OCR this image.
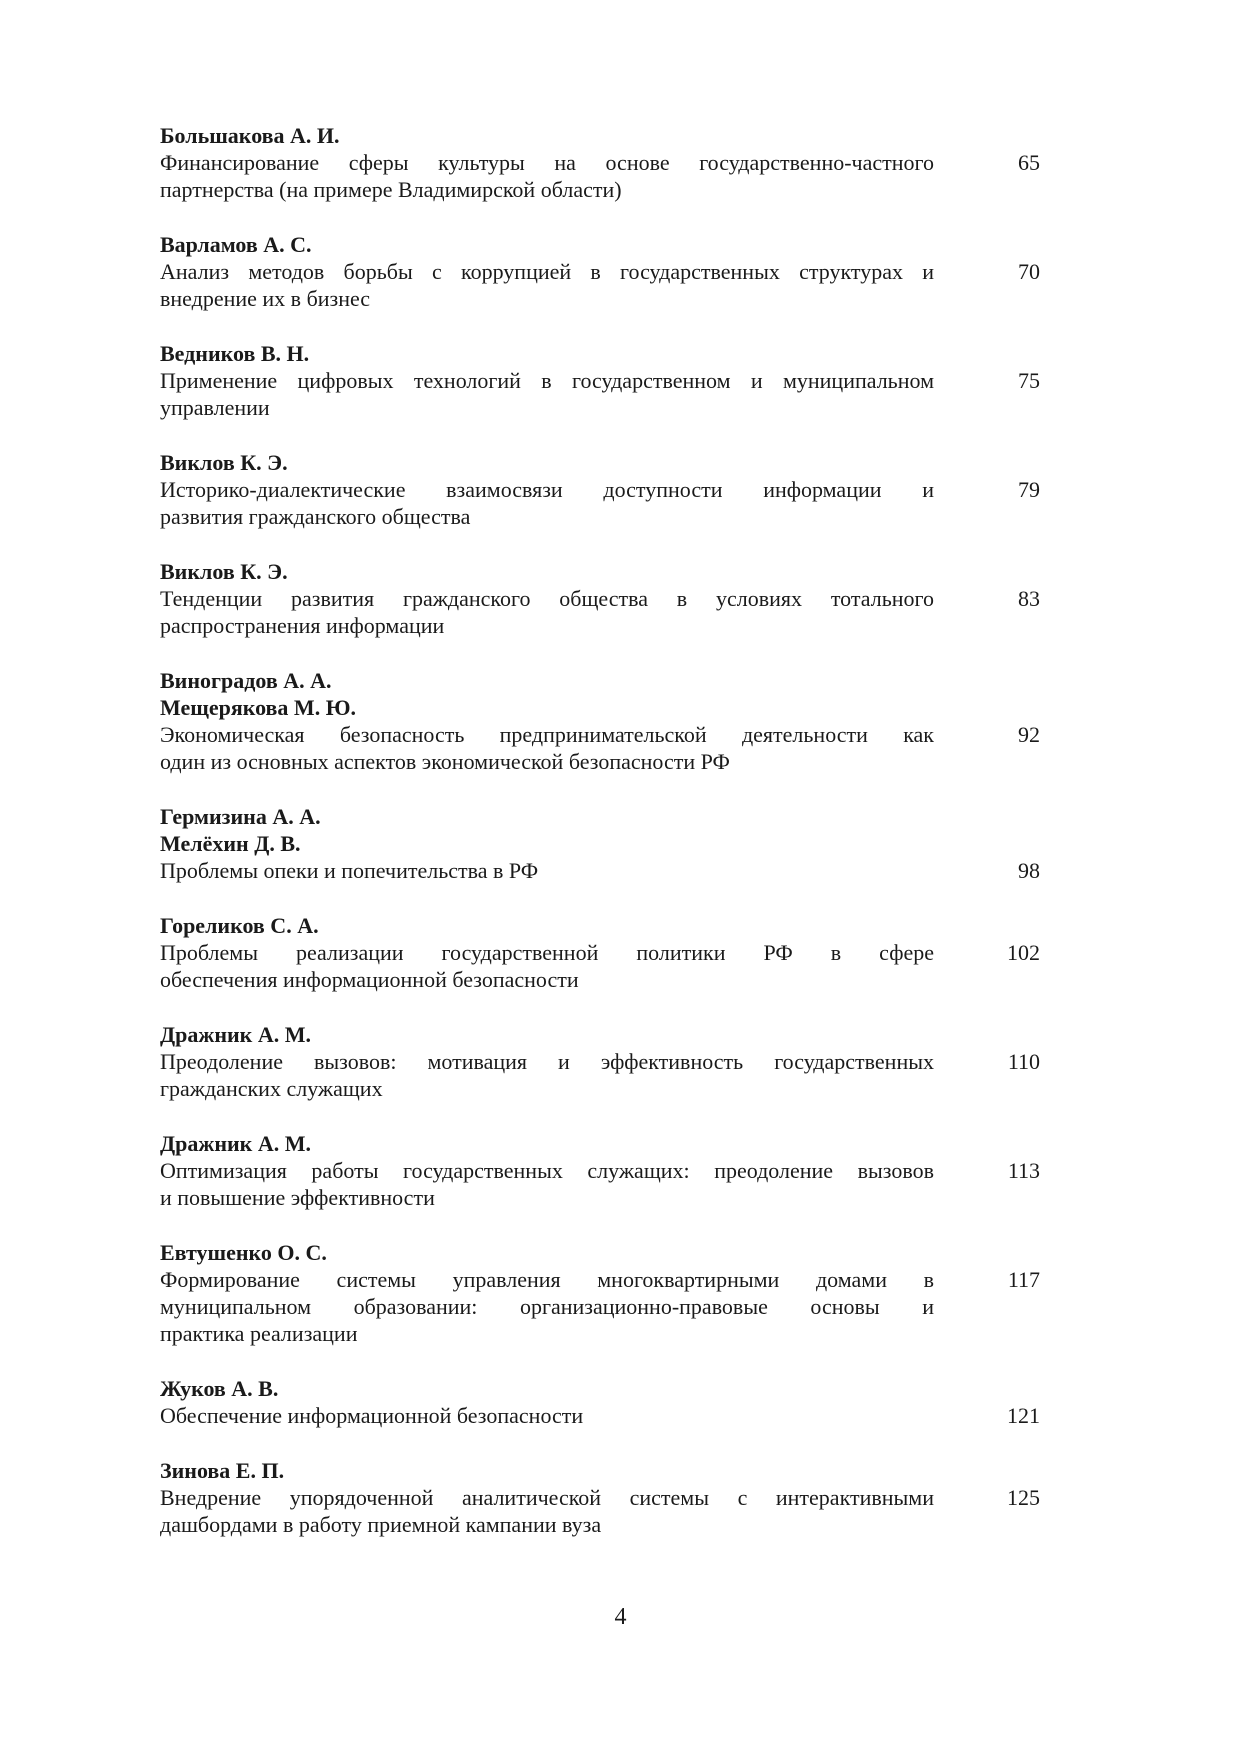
Большакова А. И.
Финансирование сферы культуры на основе государственно-частного
партнерства (на примере Владимирской области)
65
Варламов А. С.
Анализ методов борьбы с коррупцией в государственных структурах и
внедрение их в бизнес
70
Ведников В. Н.
Применение цифровых технологий в государственном и муниципальном
управлении
75
Виклов К. Э.
Историко-диалектические взаимосвязи доступности информации и
развития гражданского общества
79
Виклов К. Э.
Тенденции развития гражданского общества в условиях тотального
распространения информации
83
Виноградов А. А.
Мещерякова М. Ю.
Экономическая безопасность предпринимательской деятельности как
один из основных аспектов экономической безопасности РФ
92
Гермизина А. А.
Мелёхин Д. В.
Проблемы опеки и попечительства в РФ	98
Гореликов С. А.
Проблемы реализации государственной политики РФ в сфере
обеспечения информационной безопасности
102
Дражник А. М.
Преодоление вызовов: мотивация и эффективность государственных
гражданских служащих
110
Дражник А. М.
Оптимизация работы государственных служащих: преодоление вызовов
и повышение эффективности
113
Евтушенко О. С.
Формирование системы управления многоквартирными домами в
муниципальном образовании: организационно-правовые основы и
практика реализации
117
Жуков А. В.
Обеспечение информационной безопасности	121
Зинова Е. П.
Внедрение упорядоченной аналитической системы с интерактивными
дашбордами в работу приемной кампании вуза
125
4
